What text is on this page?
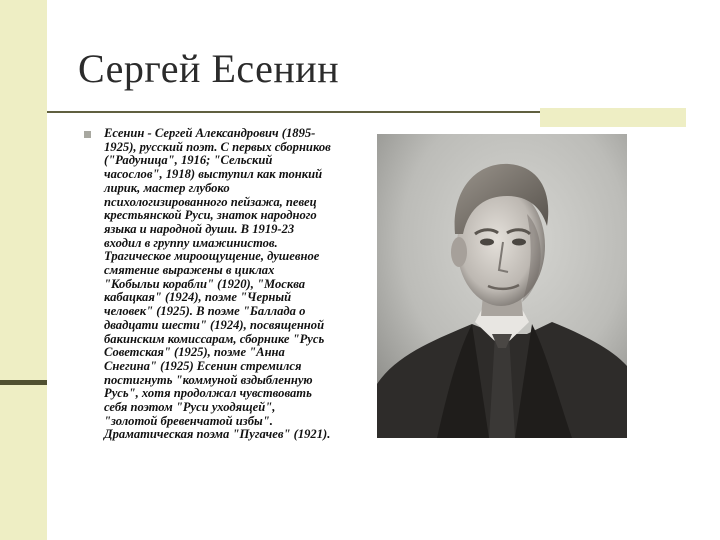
Сергей Есенин
Есенин - Сергей Александрович (1895-
1925), русский поэт. С первых сборников
("Радуница", 1916; "Сельский
часослов", 1918) выступил как тонкий
лирик, мастер глубоко
психологизированного пейзажа, певец
крестьянской Руси, знаток народного
языка и народной души. В 1919-23
входил в группу имажинистов.
Трагическое мироощущение, душевное
смятение выражены в циклах
"Кобыльи корабли" (1920), "Москва
кабацкая" (1924), поэме "Черный
человек" (1925). В поэме "Баллада о
двадцати шести" (1924), посвященной
бакинским комиссарам, сборнике "Русь
Советская" (1925), поэме "Анна
Снегина" (1925) Есенин стремился
постигнуть "коммуной вздыбленную
Русь", хотя продолжал чувствовать
себя поэтом "Руси уходящей",
"золотой бревенчатой избы".
Драматическая поэма "Пугачев" (1921).
